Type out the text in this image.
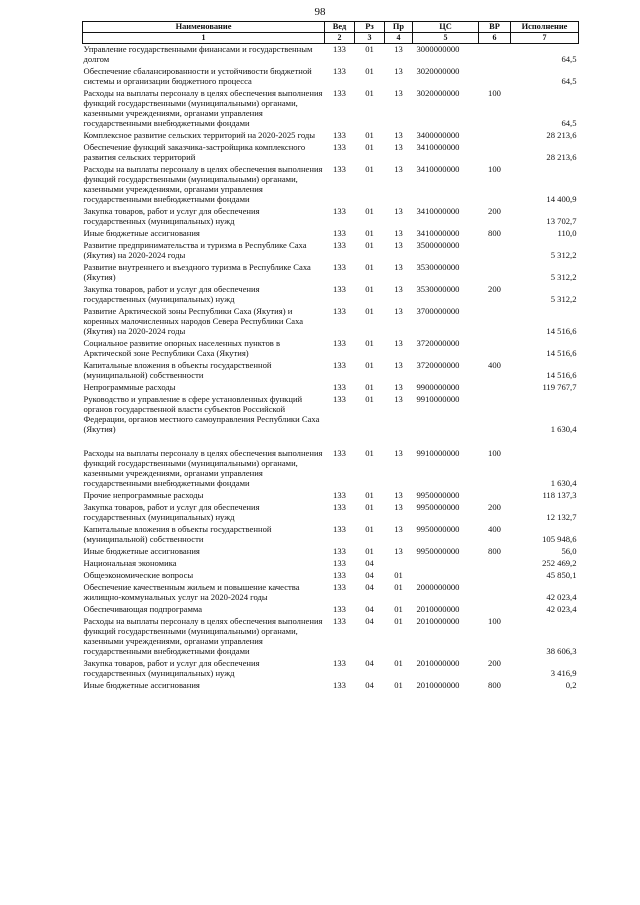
98
Наименование	Вед	Рз	Пр	ЦС	ВР	Исполнение
1	2	3	4	5	6	7
Управление государственными финансами и государственным долгом	133	01	13	3000000000		64,5
Обеспечение сбалансированности и устойчивости бюджетной системы и организации бюджетного процесса	133	01	13	3020000000		64,5
Расходы на выплаты персоналу в целях обеспечения выполнения функций государственными (муниципальными) органами, казенными учреждениями, органами управления государственными внебюджетными фондами	133	01	13	3020000000	100	64,5
Комплексное развитие сельских территорий на 2020-2025 годы	133	01	13	3400000000		28 213,6
Обеспечение функций заказчика-застройщика комплексного развития сельских территорий	133	01	13	3410000000		28 213,6
Расходы на выплаты персоналу в целях обеспечения выполнения функций государственными (муниципальными) органами, казенными учреждениями, органами управления государственными внебюджетными фондами	133	01	13	3410000000	100	14 400,9
Закупка товаров, работ и услуг для обеспечения государственных (муниципальных) нужд	133	01	13	3410000000	200	13 702,7
Иные бюджетные ассигнования	133	01	13	3410000000	800	110,0
Развитие предпринимательства и туризма в Республике Саха (Якутия) на 2020-2024 годы	133	01	13	3500000000		5 312,2
Развитие внутреннего и въездного туризма в Республике Саха (Якутия)	133	01	13	3530000000		5 312,2
Закупка товаров, работ и услуг для обеспечения государственных (муниципальных) нужд	133	01	13	3530000000	200	5 312,2
Развитие Арктической зоны Республики Саха (Якутия) и коренных малочисленных народов Севера Республики Саха (Якутия) на 2020-2024 годы	133	01	13	3700000000		14 516,6
Социальное развитие опорных населенных пунктов в Арктической зоне Республики Саха (Якутия)	133	01	13	3720000000		14 516,6
Капитальные вложения в объекты государственной (муниципальной) собственности	133	01	13	3720000000	400	14 516,6
Непрограммные расходы	133	01	13	9900000000		119 767,7
Руководство и управление в сфере установленных функций органов государственной власти субъектов Российской Федерации, органов местного самоуправления Республики Саха (Якутия)	133	01	13	9910000000		1 630,4
Расходы на выплаты персоналу в целях обеспечения выполнения функций государственными (муниципальными) органами, казенными учреждениями, органами управления государственными внебюджетными фондами	133	01	13	9910000000	100	1 630,4
Прочие непрограммные расходы	133	01	13	9950000000		118 137,3
Закупка товаров, работ и услуг для обеспечения государственных (муниципальных) нужд	133	01	13	9950000000	200	12 132,7
Капитальные вложения в объекты государственной (муниципальной) собственности	133	01	13	9950000000	400	105 948,6
Иные бюджетные ассигнования	133	01	13	9950000000	800	56,0
Национальная экономика	133	04				252 469,2
Общеэкономические вопросы	133	04	01			45 850,1
Обеспечение качественным жильем и повышение качества жилищно-коммунальных услуг на 2020-2024 годы	133	04	01	2000000000		42 023,4
Обеспечивающая подпрограмма	133	04	01	2010000000		42 023,4
Расходы на выплаты персоналу в целях обеспечения выполнения функций государственными (муниципальными) органами, казенными учреждениями, органами управления государственными внебюджетными фондами	133	04	01	2010000000	100	38 606,3
Закупка товаров, работ и услуг для обеспечения государственных (муниципальных) нужд	133	04	01	2010000000	200	3 416,9
Иные бюджетные ассигнования	133	04	01	2010000000	800	0,2
